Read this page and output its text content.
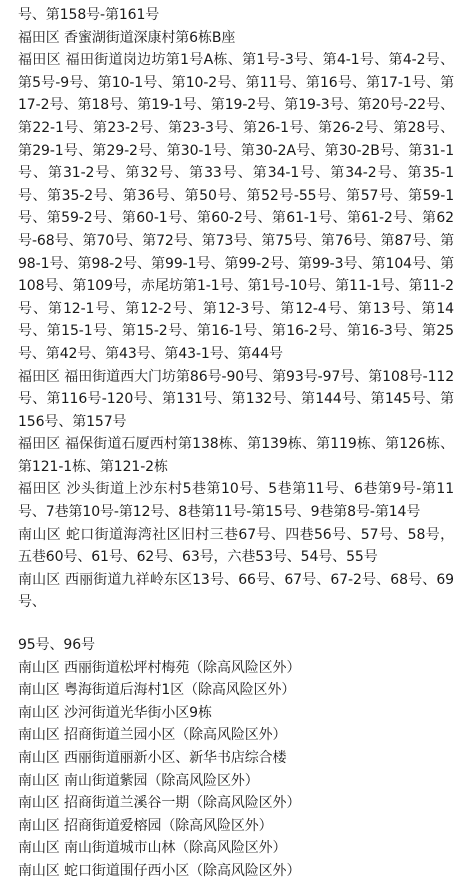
号、第158号-第161号

福田区 香蜜湖街道深康村第6栋B座

福田区 福田街道岗边坊第1号A栋、第1号-3号、第4-1号、第4-2号、第5号-9号、第10-1号、第10-2号、第11号、第16号、第17-1号、第17-2号、第18号、第19-1号、第19-2号、第19-3号、第20号-22号、第22-1号、第23-2号、第23-3号、第26-1号、第26-2号、第28号、第29-1号、第29-2号、第30-1号、第30-2A号、第30-2B号、第31-1号、第31-2号、第32号、第33号、第34-1号、第34-2号、第35-1号、第35-2号、第36号、第50号、第52号-55号、第57号、第59-1号、第59-2号、第60-1号、第60-2号、第61-1号、第61-2号、第62号-68号、第70号、第72号、第73号、第75号、第76号、第87号、第98-1号、第98-2号、第99-1号、第99-2号、第99-3号、第104号、第108号、第109号，赤尾坊第1-1号、第1号-10号、第11-1号、第11-2号、第12-1号、第12-2号、第12-3号、第12-4号、第13号、第14号、第15-1号、第15-2号、第16-1号、第16-2号、第16-3号、第25号、第42号、第43号、第43-1号、第44号

福田区 福田街道西大门坊第86号-90号、第93号-97号、第108号-112号、第116号-120号、第131号、第132号、第144号、第145号、第156号、第157号

福田区 福保街道石厦西村第138栋、第139栋、第119栋、第126栋、第121-1栋、第121-2栋

福田区 沙头街道上沙东村5巷第10号、5巷第11号、6巷第9号-第11号、7巷第10号-第12号、8巷第11号-第15号、9巷第8号-第14号

南山区 蛇口街道海湾社区旧村三巷67号、四巷56号、57号、58号，五巷60号、61号、62号、63号，六巷53号、54号、55号

南山区 西丽街道九祥岭东区13号、66号、67号、67-2号、68号、69号、

95号、96号

南山区 西丽街道松坪村梅苑（除高风险区外）

南山区 粤海街道后海村1区（除高风险区外）

南山区 沙河街道光华街小区9栋

南山区 招商街道兰园小区（除高风险区外）

南山区 西丽街道丽新小区、新华书店综合楼

南山区 南山街道紫园（除高风险区外）

南山区 招商街道兰溪谷一期（除高风险区外）

南山区 招商街道爱榕园（除高风险区外）

南山区 南山街道城市山林（除高风险区外）

南山区 蛇口街道围仔西小区（除高风险区外）
